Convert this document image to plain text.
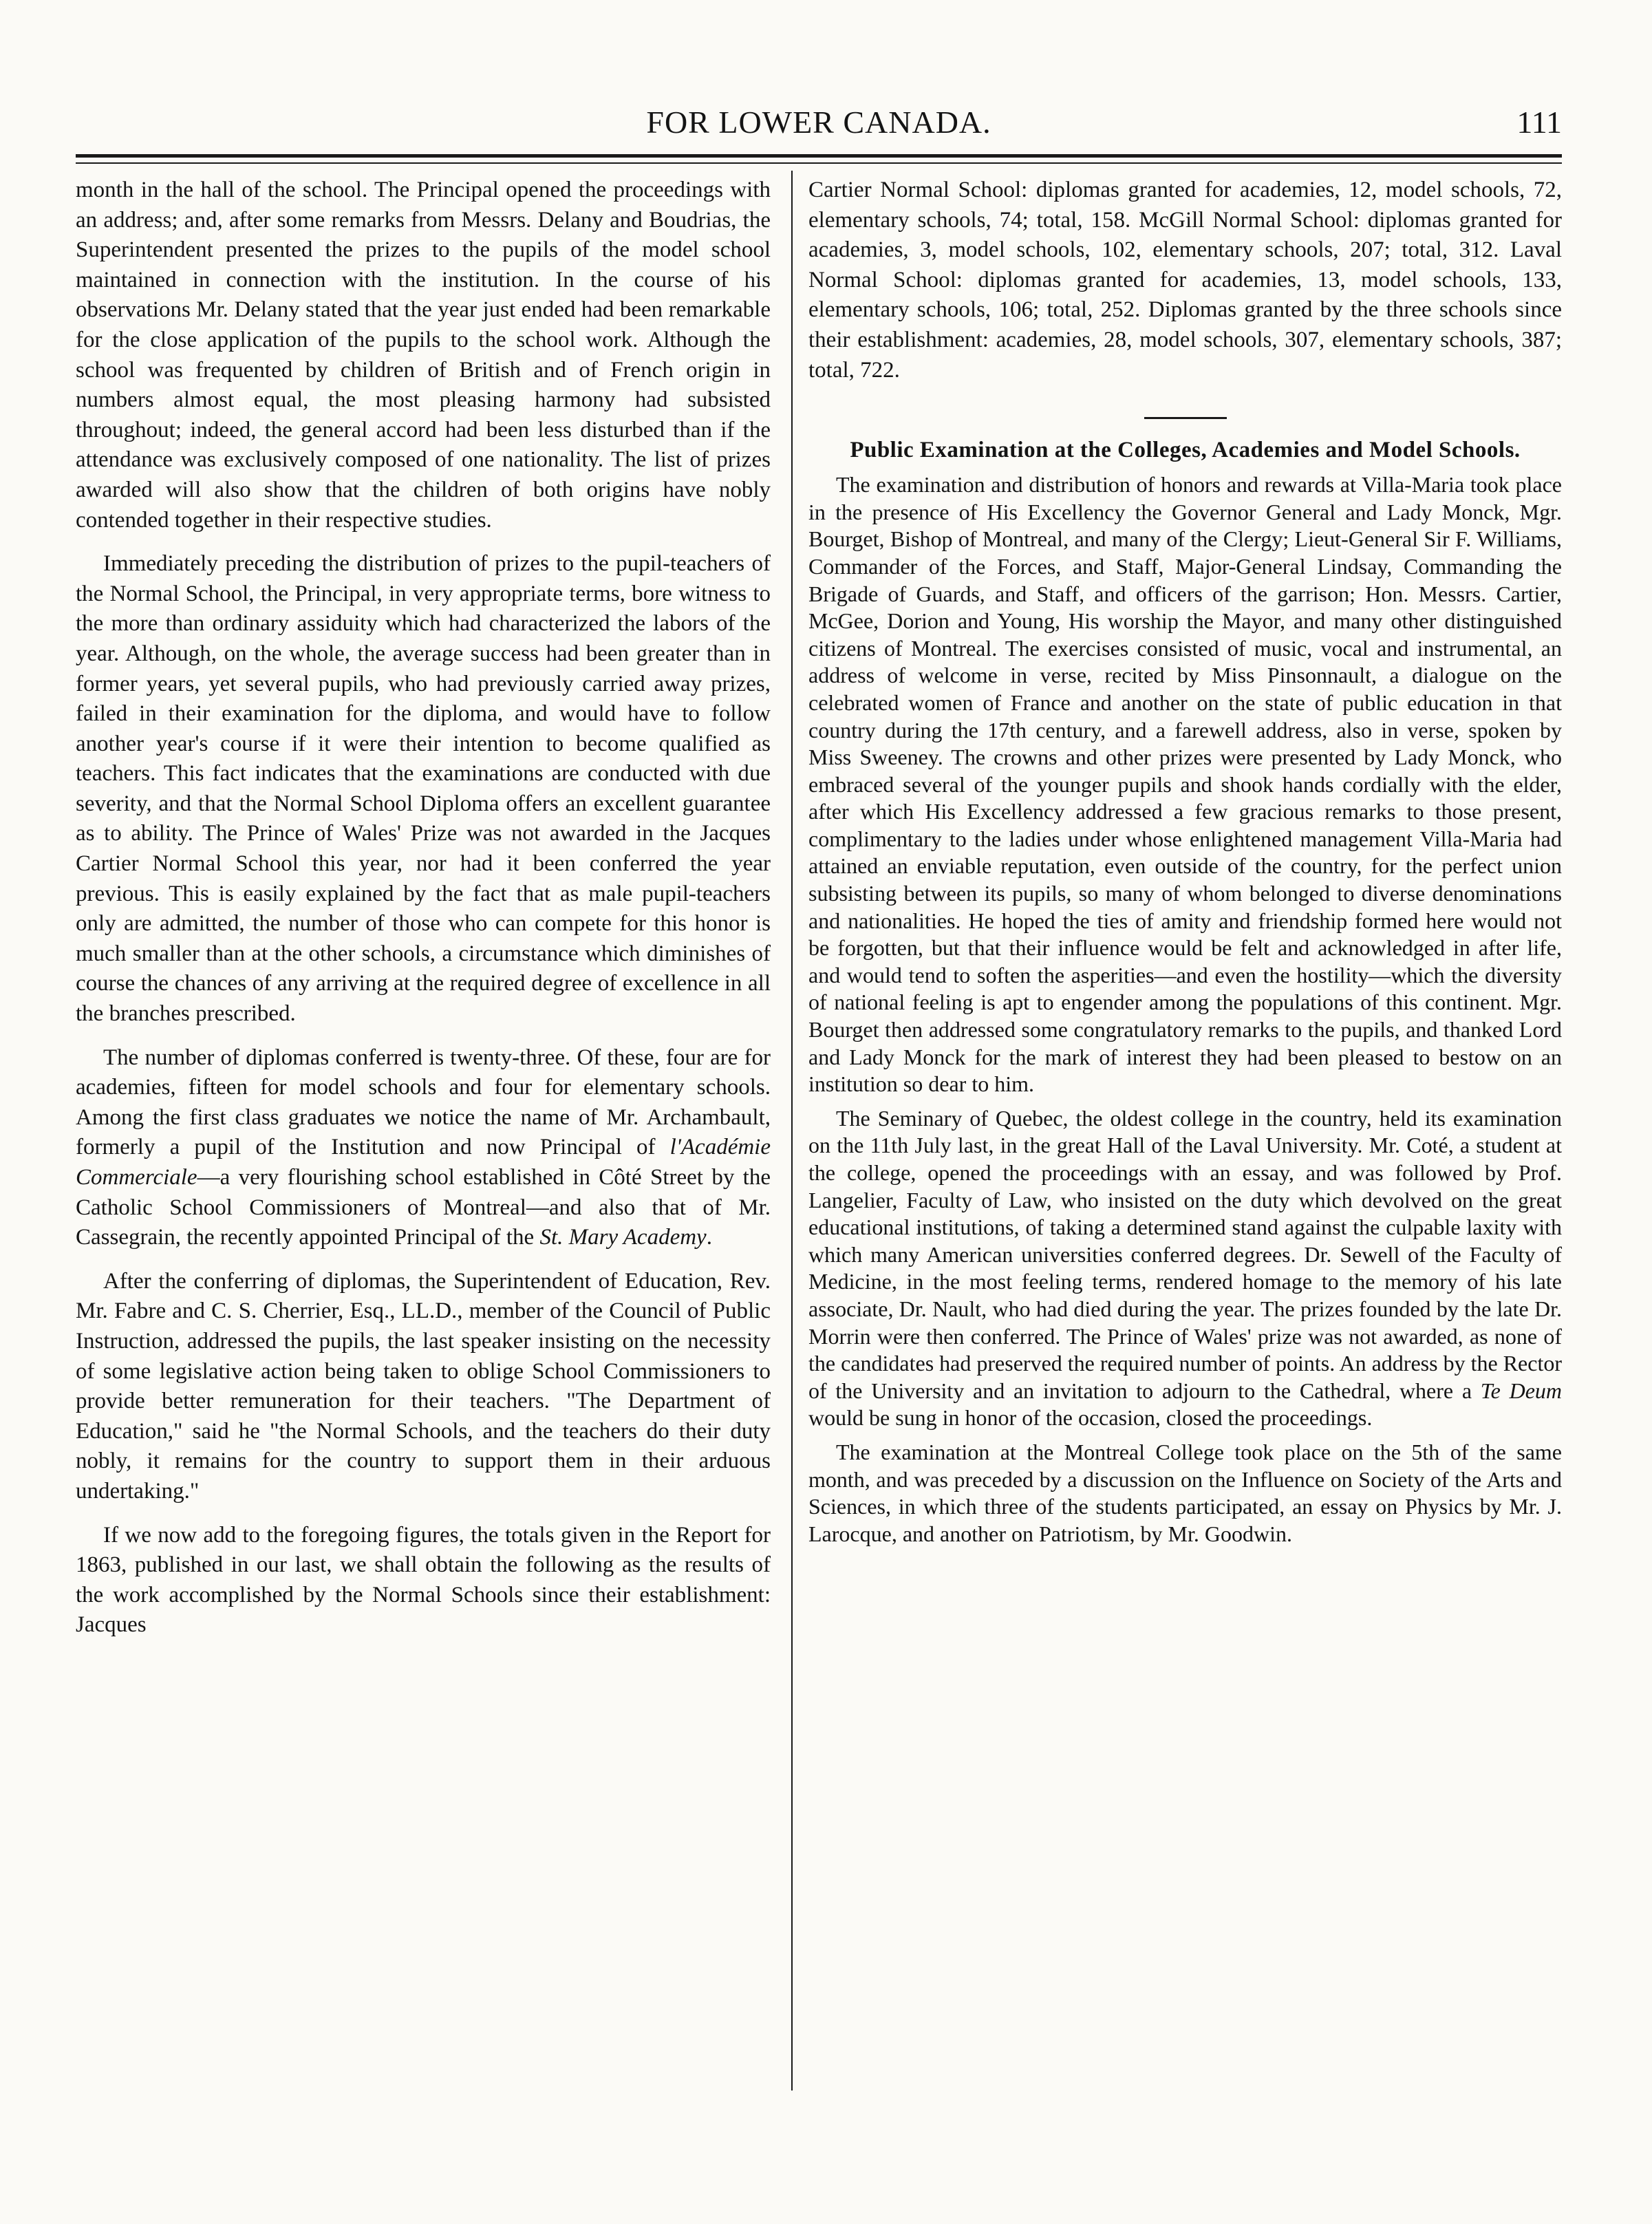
FOR LOWER CANADA.	111

month in the hall of the school. The Principal opened the proceedings with an address; and, after some remarks from Messrs. Delany and Boudrias, the Superintendent presented the prizes to the pupils of the model school maintained in connection with the institution. In the course of his observations Mr. Delany stated that the year just ended had been remarkable for the close application of the pupils to the school work. Although the school was frequented by children of British and of French origin in numbers almost equal, the most pleasing harmony had subsisted throughout; indeed, the general accord had been less disturbed than if the attendance was exclusively composed of one nationality. The list of prizes awarded will also show that the children of both origins have nobly contended together in their respective studies.

Immediately preceding the distribution of prizes to the pupil-teachers of the Normal School, the Principal, in very appropriate terms, bore witness to the more than ordinary assiduity which had characterized the labors of the year. Although, on the whole, the average success had been greater than in former years, yet several pupils, who had previously carried away prizes, failed in their examination for the diploma, and would have to follow another year's course if it were their intention to become qualified as teachers. This fact indicates that the examinations are conducted with due severity, and that the Normal School Diploma offers an excellent guarantee as to ability. The Prince of Wales' Prize was not awarded in the Jacques Cartier Normal School this year, nor had it been conferred the year previous. This is easily explained by the fact that as male pupil-teachers only are admitted, the number of those who can compete for this honor is much smaller than at the other schools, a circumstance which diminishes of course the chances of any arriving at the required degree of excellence in all the branches prescribed.

The number of diplomas conferred is twenty-three. Of these, four are for academies, fifteen for model schools and four for elementary schools. Among the first class graduates we notice the name of Mr. Archambault, formerly a pupil of the Institution and now Principal of l'Académie Commerciale—a very flourishing school established in Côté Street by the Catholic School Commissioners of Montreal—and also that of Mr. Cassegrain, the recently appointed Principal of the St. Mary Academy.

After the conferring of diplomas, the Superintendent of Education, Rev. Mr. Fabre and C. S. Cherrier, Esq., LL.D., member of the Council of Public Instruction, addressed the pupils, the last speaker insisting on the necessity of some legislative action being taken to oblige School Commissioners to provide better remuneration for their teachers. "The Department of Education," said he "the Normal Schools, and the teachers do their duty nobly, it remains for the country to support them in their arduous undertaking."

If we now add to the foregoing figures, the totals given in the Report for 1863, published in our last, we shall obtain the following as the results of the work accomplished by the Normal Schools since their establishment: Jacques

Cartier Normal School: diplomas granted for academies, 12, model schools, 72, elementary schools, 74; total, 158. McGill Normal School: diplomas granted for academies, 3, model schools, 102, elementary schools, 207; total, 312. Laval Normal School: diplomas granted for academies, 13, model schools, 133, elementary schools, 106; total, 252. Diplomas granted by the three schools since their establishment: academies, 28, model schools, 307, elementary schools, 387; total, 722.

Public Examination at the Colleges, Academies and Model Schools.

The examination and distribution of honors and rewards at Villa-Maria took place in the presence of His Excellency the Governor General and Lady Monck, Mgr. Bourget, Bishop of Montreal, and many of the Clergy; Lieut-General Sir F. Williams, Commander of the Forces, and Staff, Major-General Lindsay, Commanding the Brigade of Guards, and Staff, and officers of the garrison; Hon. Messrs. Cartier, McGee, Dorion and Young, His worship the Mayor, and many other distinguished citizens of Montreal. The exercises consisted of music, vocal and instrumental, an address of welcome in verse, recited by Miss Pinsonnault, a dialogue on the celebrated women of France and another on the state of public education in that country during the 17th century, and a farewell address, also in verse, spoken by Miss Sweeney. The crowns and other prizes were presented by Lady Monck, who embraced several of the younger pupils and shook hands cordially with the elder, after which His Excellency addressed a few gracious remarks to those present, complimentary to the ladies under whose enlightened management Villa-Maria had attained an enviable reputation, even outside of the country, for the perfect union subsisting between its pupils, so many of whom belonged to diverse denominations and nationalities. He hoped the ties of amity and friendship formed here would not be forgotten, but that their influence would be felt and acknowledged in after life, and would tend to soften the asperities—and even the hostility—which the diversity of national feeling is apt to engender among the populations of this continent. Mgr. Bourget then addressed some congratulatory remarks to the pupils, and thanked Lord and Lady Monck for the mark of interest they had been pleased to bestow on an institution so dear to him.

The Seminary of Quebec, the oldest college in the country, held its examination on the 11th July last, in the great Hall of the Laval University. Mr. Coté, a student at the college, opened the proceedings with an essay, and was followed by Prof. Langelier, Faculty of Law, who insisted on the duty which devolved on the great educational institutions, of taking a determined stand against the culpable laxity with which many American universities conferred degrees. Dr. Sewell of the Faculty of Medicine, in the most feeling terms, rendered homage to the memory of his late associate, Dr. Nault, who had died during the year. The prizes founded by the late Dr. Morrin were then conferred. The Prince of Wales' prize was not awarded, as none of the candidates had preserved the required number of points. An address by the Rector of the University and an invitation to adjourn to the Cathedral, where a Te Deum would be sung in honor of the occasion, closed the proceedings.

The examination at the Montreal College took place on the 5th of the same month, and was preceded by a discussion on the Influence on Society of the Arts and Sciences, in which three of the students participated, an essay on Physics by Mr. J. Larocque, and another on Patriotism, by Mr. Goodwin.
